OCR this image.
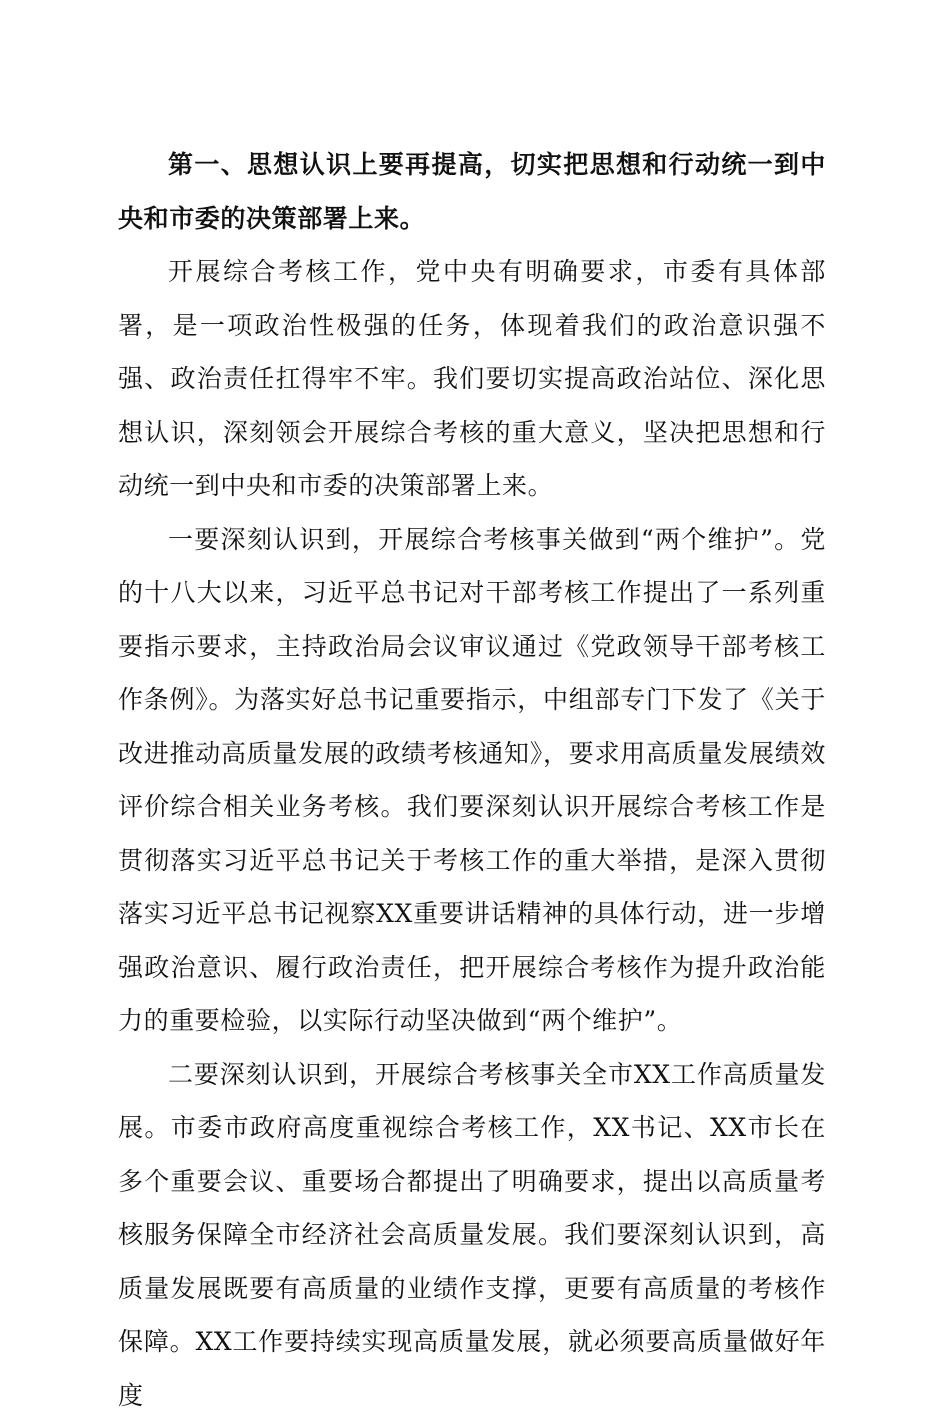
第一、思想认识上要再提高，切实把思想和行动统一到中央和市委的决策部署上来。

开展综合考核工作，党中央有明确要求，市委有具体部署，是一项政治性极强的任务，体现着我们的政治意识强不强、政治责任扛得牢不牢。我们要切实提高政治站位、深化思想认识，深刻领会开展综合考核的重大意义，坚决把思想和行动统一到中央和市委的决策部署上来。

一要深刻认识到，开展综合考核事关做到“两个维护”。党的十八大以来，习近平总书记对干部考核工作提出了一系列重要指示要求，主持政治局会议审议通过《党政领导干部考核工作条例》。为落实好总书记重要指示，中组部专门下发了《关于改进推动高质量发展的政绩考核通知》，要求用高质量发展绩效评价综合相关业务考核。我们要深刻认识开展综合考核工作是贯彻落实习近平总书记关于考核工作的重大举措，是深入贯彻落实习近平总书记视察XX重要讲话精神的具体行动，进一步增强政治意识、履行政治责任，把开展综合考核作为提升政治能力的重要检验，以实际行动坚决做到“两个维护”。

二要深刻认识到，开展综合考核事关全市XX工作高质量发展。市委市政府高度重视综合考核工作，XX书记、XX市长在多个重要会议、重要场合都提出了明确要求，提出以高质量考核服务保障全市经济社会高质量发展。我们要深刻认识到，高质量发展既要有高质量的业绩作支撑，更要有高质量的考核作保障。XX工作要持续实现高质量发展，就必须要高质量做好年度
